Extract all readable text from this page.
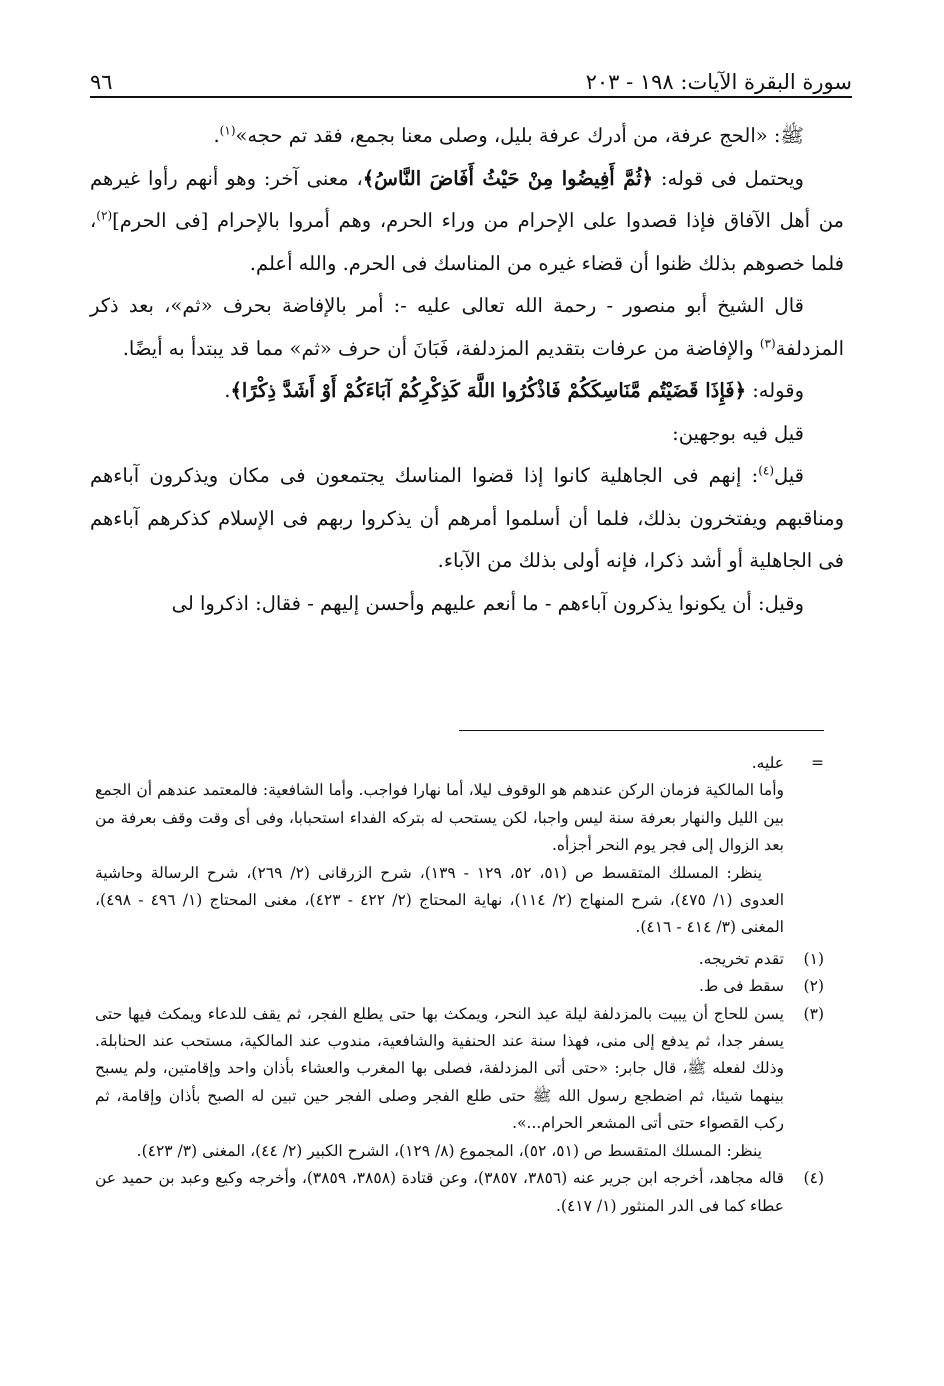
سورة البقرة الآيات: ١٩٨ - ٢٠٣
٩٦

ﷺ: «الحج عرفة، من أدرك عرفة بليل، وصلى معنا بجمع، فقد تم حجه»$^{(١)}$.

ويحتمل فى قوله: ﴿ثُمَّ أَفِيضُوا مِنْ حَيْثُ أَفَاضَ النَّاسُ﴾، معنى آخر: وهو أنهم رأوا غيرهم من أهل الآفاق فإذا قصدوا على الإحرام من وراء الحرم، وهم أمروا بالإحرام [فى الحرم]$^{(٢)}$، فلما خصوهم بذلك ظنوا أن قضاء غيره من المناسك فى الحرم. والله أعلم.

قال الشيخ أبو منصور - رحمة الله تعالى عليه -: أمر بالإفاضة بحرف «ثم»، بعد ذكر المزدلفة$^{(٣)}$ والإفاضة من عرفات بتقديم المزدلفة، فَبَانَ أن حرف «ثم» مما قد يبتدأ به أيضًا.

وقوله: ﴿فَإِذَا قَضَيْتُم مَّنَاسِكَكُمْ فَاذْكُرُوا اللَّهَ كَذِكْرِكُمْ آبَاءَكُمْ أَوْ أَشَدَّ ذِكْرًا﴾.

قيل فيه بوجهين:

قيل$^{(٤)}$: إنهم فى الجاهلية كانوا إذا قضوا المناسك يجتمعون فى مكان ويذكرون آباءهم ومناقبهم ويفتخرون بذلك، فلما أن أسلموا أمرهم أن يذكروا ربهم فى الإسلام كذكرهم آباءهم فى الجاهلية أو أشد ذكرا، فإنه أولى بذلك من الآباء.

وقيل: أن يكونوا يذكرون آباءهم - ما أنعم عليهم وأحسن إليهم - فقال: اذكروا لى

=

عليه.

وأما المالكية فزمان الركن عندهم هو الوقوف ليلا، أما نهارا فواجب. وأما الشافعية: فالمعتمد عندهم أن الجمع بين الليل والنهار بعرفة سنة ليس واجبا، لكن يستحب له بتركه الفداء استحبابا، وفى أى وقت وقف بعرفة من بعد الزوال إلى فجر يوم النحر أجزأه.

ينظر: المسلك المتقسط ص (٥١، ٥٢، ١٢٩ - ١٣٩)، شرح الزرقانى (٢/ ٢٦٩)، شرح الرسالة وحاشية العدوى (١/ ٤٧٥)، شرح المنهاج (٢/ ١١٤)، نهاية المحتاج (٢/ ٤٢٢ - ٤٢٣)، مغنى المحتاج (١/ ٤٩٦ - ٤٩٨)، المغنى (٣/ ٤١٤ - ٤١٦).

(١)

تقدم تخريجه.

(٢)

سقط فى ط.

(٣)

يسن للحاج أن يبيت بالمزدلفة ليلة عيد النحر، ويمكث بها حتى يطلع الفجر، ثم يقف للدعاء ويمكث فيها حتى يسفر جدا، ثم يدفع إلى منى، فهذا سنة عند الحنفية والشافعية، مندوب عند المالكية، مستحب عند الحنابلة. وذلك لفعله ﷺ، قال جابر: «حتى أتى المزدلفة، فصلى بها المغرب والعشاء بأذان واحد وإقامتين، ولم يسبح بينهما شيئا، ثم اضطجع رسول الله ﷺ حتى طلع الفجر وصلى الفجر حين تبين له الصبح بأذان وإقامة، ثم ركب القصواء حتى أتى المشعر الحرام...».

ينظر: المسلك المتقسط ص (٥١، ٥٢)، المجموع (٨/ ١٢٩)، الشرح الكبير (٢/ ٤٤)، المغنى (٣/ ٤٢٣).

(٤)

قاله مجاهد، أخرجه ابن جرير عنه (٣٨٥٦، ٣٨٥٧)، وعن قتادة (٣٨٥٨، ٣٨٥٩)، وأخرجه وكيع وعبد بن حميد عن عطاء كما فى الدر المنثور (١/ ٤١٧).
